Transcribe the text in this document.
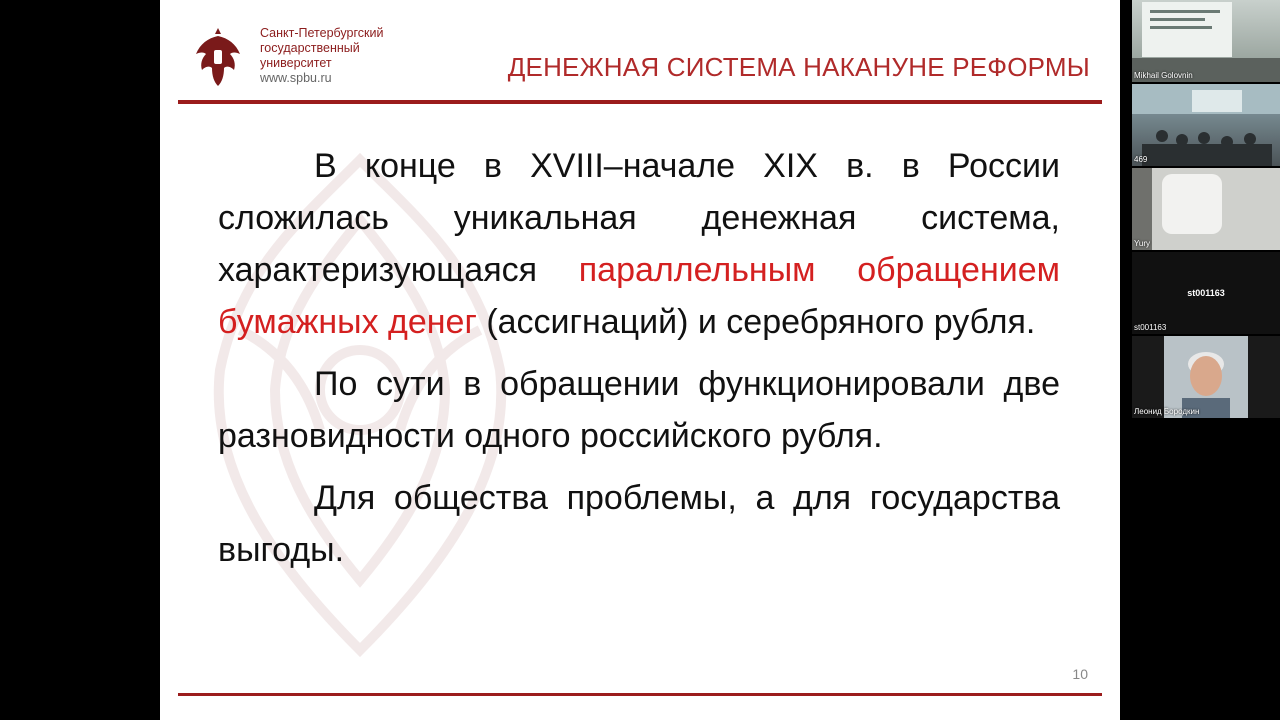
Санкт-Петербургский
государственный
университет
www.spbu.ru	ДЕНЕЖНАЯ СИСТЕМА НАКАНУНЕ РЕФОРМЫ

В конце в XVIII–начале XIX в. в России сложилась уникальная денежная система, характеризующаяся параллельным обращением бумажных денег (ассигнаций) и серебряного рубля.

По сути в обращении функционировали две разновидности одного российского рубля.

Для общества проблемы, а для государства выгоды.

10
Mikhail Golovnin
469
Yury
st001163
st001163
Леонид Бородкин
